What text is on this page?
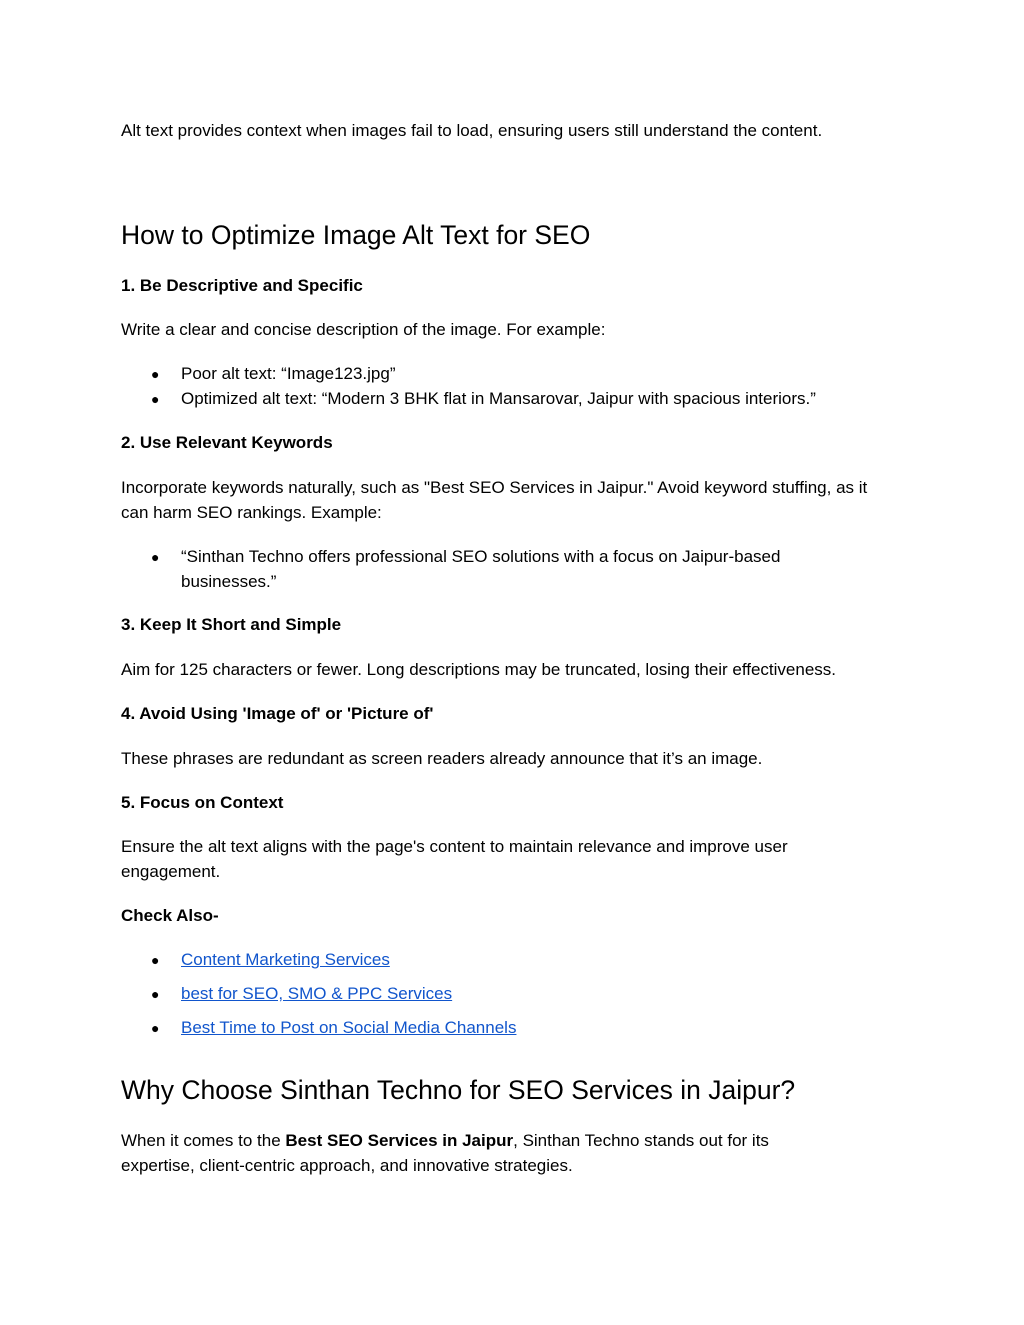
Alt text provides context when images fail to load, ensuring users still understand the content.

How to Optimize Image Alt Text for SEO
1. Be Descriptive and Specific

Write a clear and concise description of the image. For example:

● Poor alt text: “Image123.jpg”
● Optimized alt text: “Modern 3 BHK flat in Mansarovar, Jaipur with spacious interiors.”
2. Use Relevant Keywords

Incorporate keywords naturally, such as "Best SEO Services in Jaipur." Avoid keyword stuffing, as it can harm SEO rankings. Example:

● “Sinthan Techno offers professional SEO solutions with a focus on Jaipur-based businesses.”
3. Keep It Short and Simple

Aim for 125 characters or fewer. Long descriptions may be truncated, losing their effectiveness.

4. Avoid Using 'Image of' or 'Picture of'

These phrases are redundant as screen readers already announce that it’s an image.

5. Focus on Context

Ensure the alt text aligns with the page's content to maintain relevance and improve user engagement.

Check Also-
● Content Marketing Services
● best for SEO, SMO & PPC Services
● Best Time to Post on Social Media Channels
Why Choose Sinthan Techno for SEO Services in Jaipur?

When it comes to the Best SEO Services in Jaipur, Sinthan Techno stands out for its expertise, client-centric approach, and innovative strategies.
